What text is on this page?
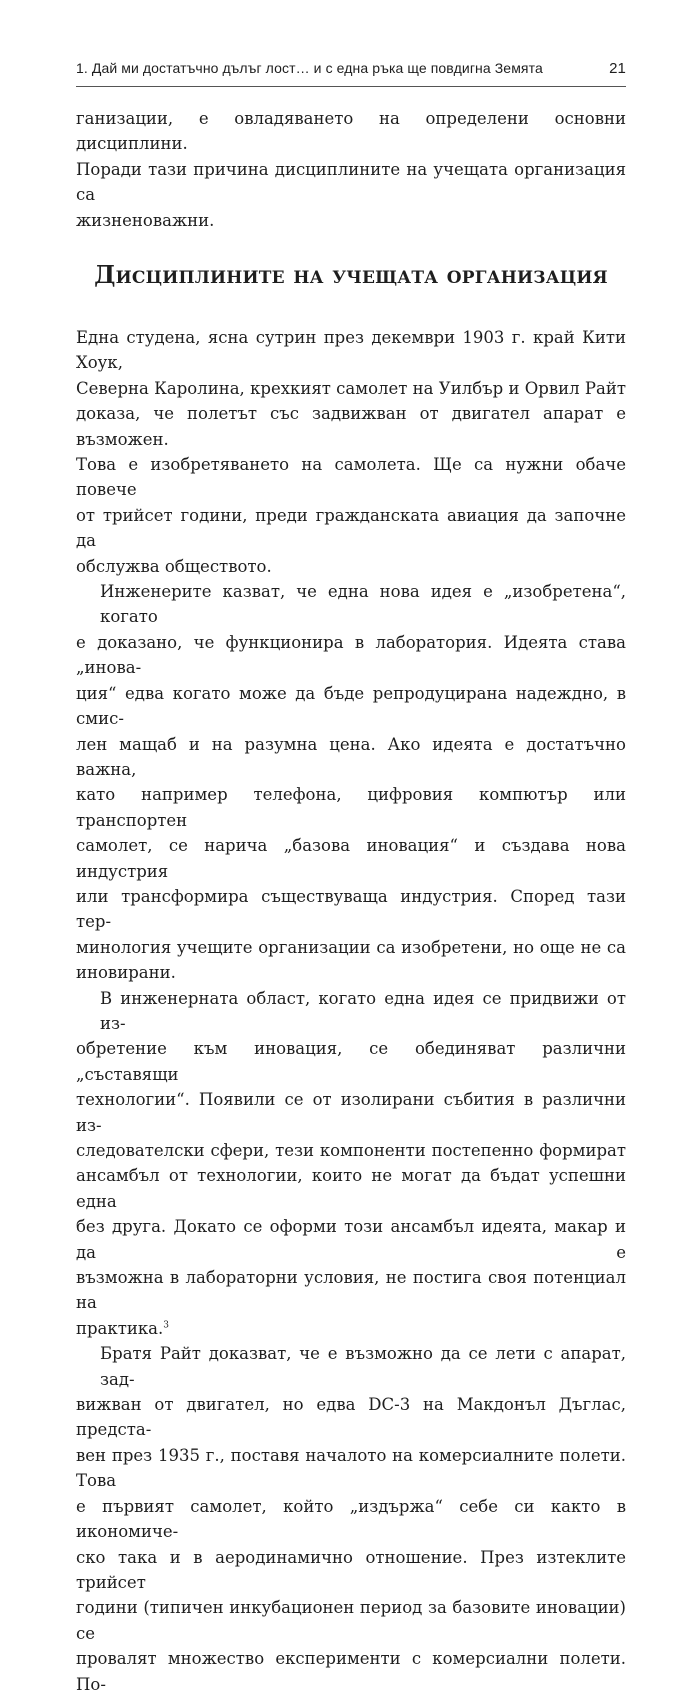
1. Дай ми достатъчно дълъг лост… и с една ръка ще повдигна Земята	21
ганизации, е овладяването на определени основни дисциплини.
Поради тази причина дисциплините на учещата организация са
жизненоважни.
Дисциплините на учещата организация
Една студена, ясна сутрин през декември 1903 г. край Кити Хоук,
Северна Каролина, крехкият самолет на Уилбър и Орвил Райт
доказа, че полетът със задвижван от двигател апарат е възможен.
Това е изобретяването на самолета. Ще са нужни обаче повече
от трийсет години, преди гражданската авиация да започне да
обслужва обществото.
Инженерите казват, че една нова идея е „изобретена“, когато
е доказано, че функционира в лаборатория. Идеята става „инова-
ция“ едва когато може да бъде репродуцирана надеждно, в смис-
лен мащаб и на разумна цена. Ако идеята е достатъчно важна,
като например телефона, цифровия компютър или транспортен
самолет, се нарича „базова иновация“ и създава нова индустрия
или трансформира съществуваща индустрия. Според тази тер-
минология учещите организации са изобретени, но още не са
иновирани.
В инженерната област, когато една идея се придвижи от из-
обретение към иновация, се обединяват различни „съставящи
технологии“. Появили се от изолирани събития в различни из-
следователски сфери, тези компоненти постепенно формират
ансамбъл от технологии, които не могат да бъдат успешни една
без друга. Докато се оформи този ансамбъл идеята, макар и да е
възможна в лабораторни условия, не постига своя потенциал на
практика.$^3$
Братя Райт доказват, че е възможно да се лети с апарат, зад-
вижван от двигател, но едва DC-3 на Макдонъл Дъглас, предста-
вен през 1935 г., поставя началото на комерсиалните полети. Това
е първият самолет, който „издържа“ себе си както в икономиче-
ско така и в аеродинамично отношение. През изтеклите трийсет
години (типичен инкубационен период за базовите иновации) се
провалят множество експерименти с комерсиални полети. По-
